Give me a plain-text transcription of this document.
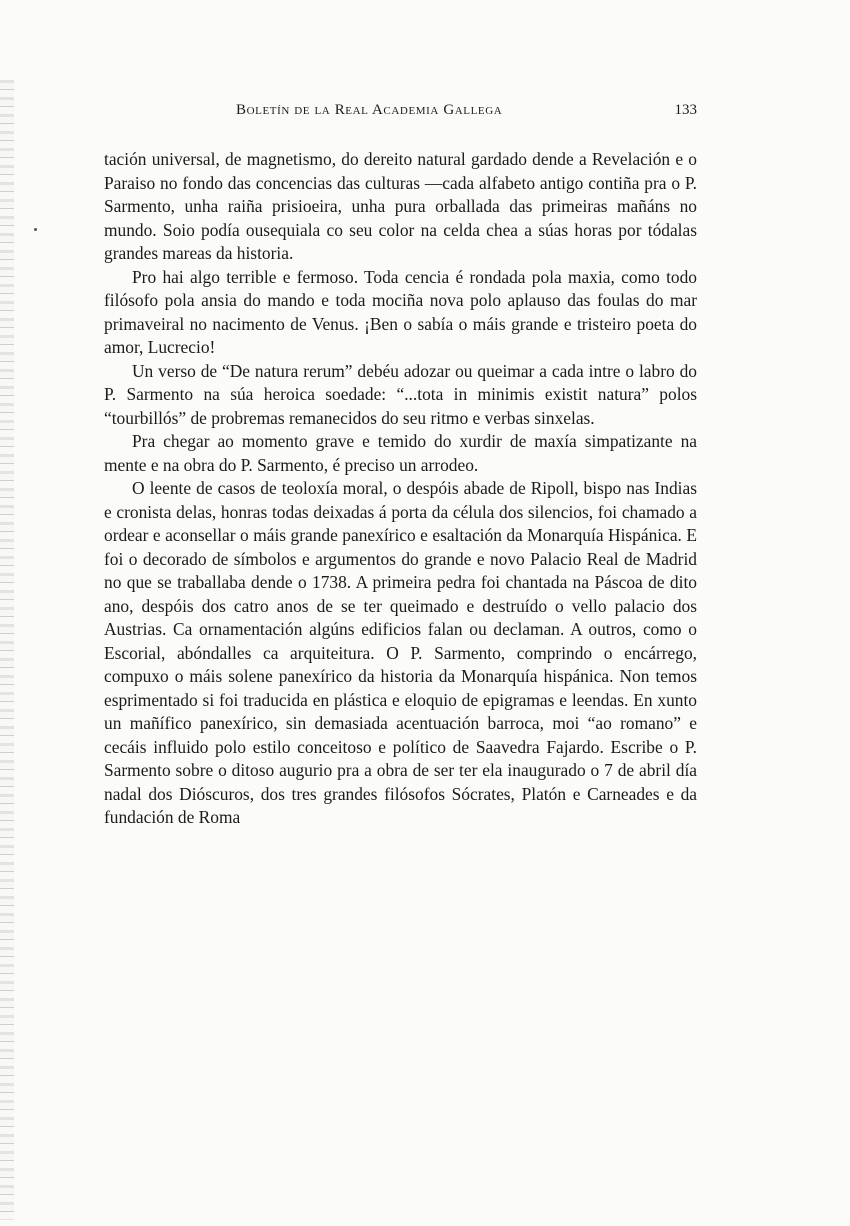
Boletín de la Real Academia Gallega	133

tación universal, de magnetismo, do dereito natural gardado dende a Revelación e o Paraiso no fondo das concencias das culturas —cada alfabeto antigo contiña pra o P. Sarmento, unha raiña prisioeira, unha pura orballada das primeiras mañáns no mundo. Soio podía ousequiala co seu color na celda chea a súas horas por tódalas grandes mareas da historia.

Pro hai algo terrible e fermoso. Toda cencia é rondada pola maxia, como todo filósofo pola ansia do mando e toda mociña nova polo aplauso das foulas do mar primaveiral no nacimento de Venus. ¡Ben o sabía o máis grande e tristeiro poeta do amor, Lucrecio!

Un verso de “De natura rerum” debéu adozar ou queimar a cada intre o labro do P. Sarmento na súa heroica soedade: “...tota in minimis existit natura” polos “tourbillós” de probremas remanecidos do seu ritmo e verbas sinxelas.

Pra chegar ao momento grave e temido do xurdir de maxía simpatizante na mente e na obra do P. Sarmento, é preciso un arrodeo.

O leente de casos de teoloxía moral, o despóis abade de Ripoll, bispo nas Indias e cronista delas, honras todas deixadas á porta da célula dos silencios, foi chamado a ordear e aconsellar o máis grande panexírico e esaltación da Monarquía Hispánica. E foi o decorado de símbolos e argumentos do grande e novo Palacio Real de Madrid no que se traballaba dende o 1738. A primeira pedra foi chantada na Páscoa de dito ano, despóis dos catro anos de se ter queimado e destruído o vello palacio dos Austrias. Ca ornamentación algúns edificios falan ou declaman. A outros, como o Escorial, abóndalles ca arquiteitura. O P. Sarmento, comprindo o encárrego, compuxo o máis solene panexírico da historia da Monarquía hispánica. Non temos esprimentado si foi traducida en plástica e eloquio de epigramas e leendas. En xunto un mañífico panexírico, sin demasiada acentuación barroca, moi “ao romano” e cecáis influido polo estilo conceitoso e político de Saavedra Fajardo. Escribe o P. Sarmento sobre o ditoso augurio pra a obra de ser ter ela inaugurado o 7 de abril día nadal dos Dióscuros, dos tres grandes filósofos Sócrates, Platón e Carneades e da fundación de Roma
